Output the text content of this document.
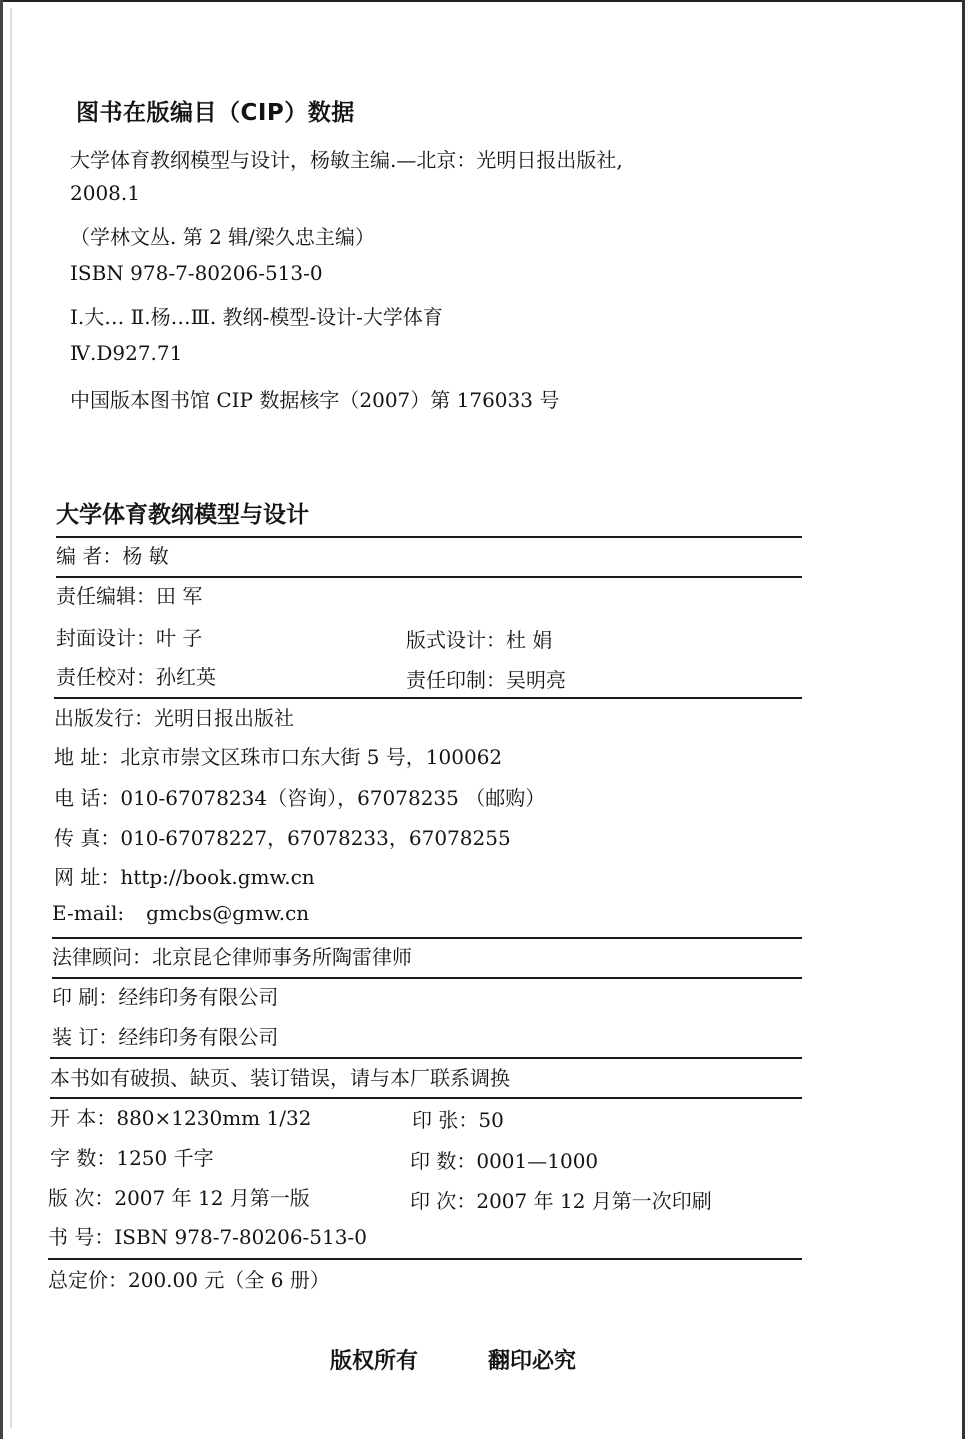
图书在版编目（CIP）数据
大学体育教纲模型与设计，杨敏主编.—北京：光明日报出版社,
2008.1
（学林文丛. 第 2 辑/梁久忠主编）
ISBN 978-7-80206-513-0
Ⅰ.大… Ⅱ.杨…Ⅲ. 教纲-模型-设计-大学体育
Ⅳ.D927.71
中国版本图书馆 CIP 数据核字（2007）第 176033 号
大学体育教纲模型与设计
编 者：杨 敏
责任编辑：田 军
封面设计：叶 子	版式设计：杜 娟
责任校对：孙红英	责任印制：吴明亮
出版发行：光明日报出版社
地 址：北京市崇文区珠市口东大街 5 号，100062
电 话：010-67078234（咨询），67078235 （邮购）
传 真：010-67078227，67078233，67078255
网 址：http://book.gmw.cn
E-mail: gmcbs@gmw.cn
法律顾问：北京昆仑律师事务所陶雷律师
印 刷：经纬印务有限公司
装 订：经纬印务有限公司
本书如有破损、缺页、装订错误，请与本厂联系调换
开 本：880×1230mm 1/32	印 张：50
字 数：1250 千字	印 数：0001—1000
版 次：2007 年 12 月第一版	印 次：2007 年 12 月第一次印刷
书 号：ISBN 978-7-80206-513-0
总定价：200.00 元（全 6 册）
版权所有	翻印必究
